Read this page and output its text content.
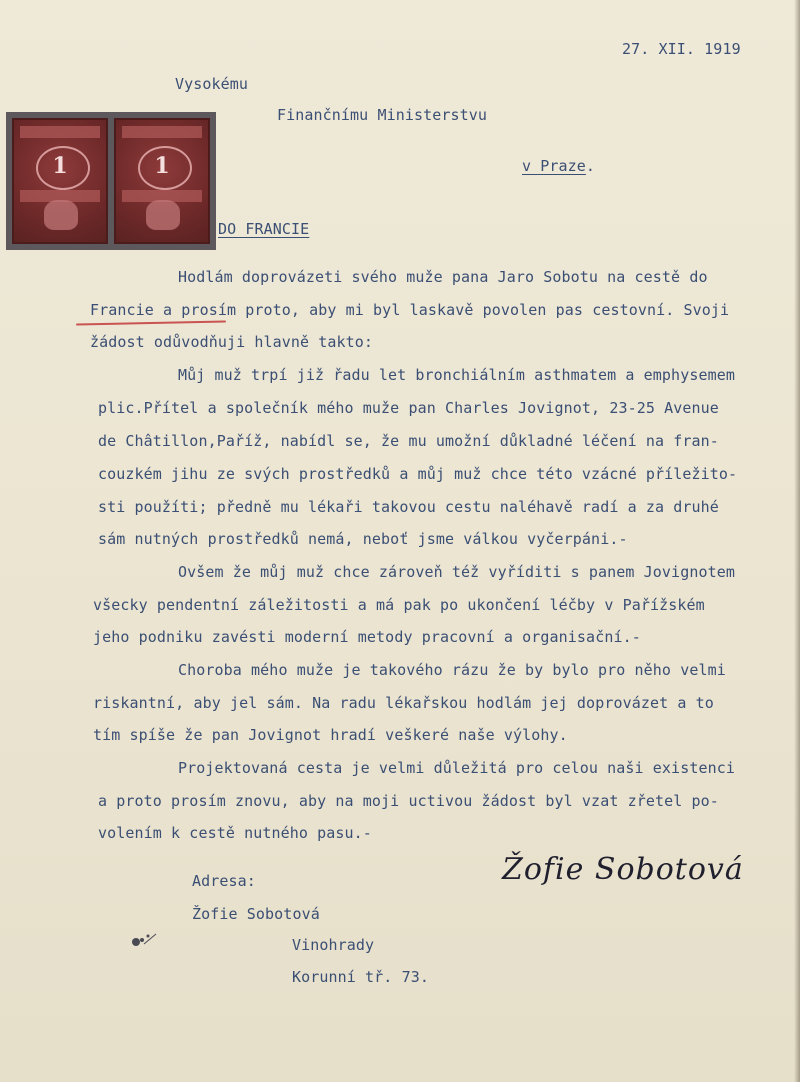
27. XII. 1919
Vysokému
Finančnímu Ministerstvu
v Praze.
1	1
DO FRANCIE
Hodlám doprovázeti svého muže pana Jaro Sobotu na cestě do
Francie a prosím proto, aby mi byl laskavě povolen pas cestovní. Svoji
žádost odůvodňuji hlavně takto:
Můj muž trpí již řadu let bronchiálním asthmatem a emphysemem
plic.Přítel a společník mého muže pan Charles Jovignot, 23-25 Avenue
de Châtillon,Paříž, nabídl se, že mu umožní důkladné léčení na fran-
couzkém jihu ze svých prostředků a můj muž chce této vzácné příležito-
sti použíti; předně mu lékaři takovou cestu naléhavě radí a za druhé
sám nutných prostředků nemá, neboť jsme válkou vyčerpáni.-
Ovšem že můj muž chce zároveň též vyříditi s panem Jovignotem
všecky pendentní záležitosti a má pak po ukončení léčby v Pařížském
jeho podniku zavésti moderní metody pracovní a organisační.-
Choroba mého muže je takového rázu že by bylo pro něho velmi
riskantní, aby jel sám. Na radu lékařskou hodlám jej doprovázet a to
tím spíše že pan Jovignot hradí veškeré naše výlohy.
Projektovaná cesta je velmi důležitá pro celou naši existenci
a proto prosím znovu, aby na moji uctivou žádost byl vzat zřetel po-
volením k cestě nutného pasu.-
Žofie Sobotová
Adresa:
Žofie Sobotová
Vinohrady
Korunní tř. 73.
